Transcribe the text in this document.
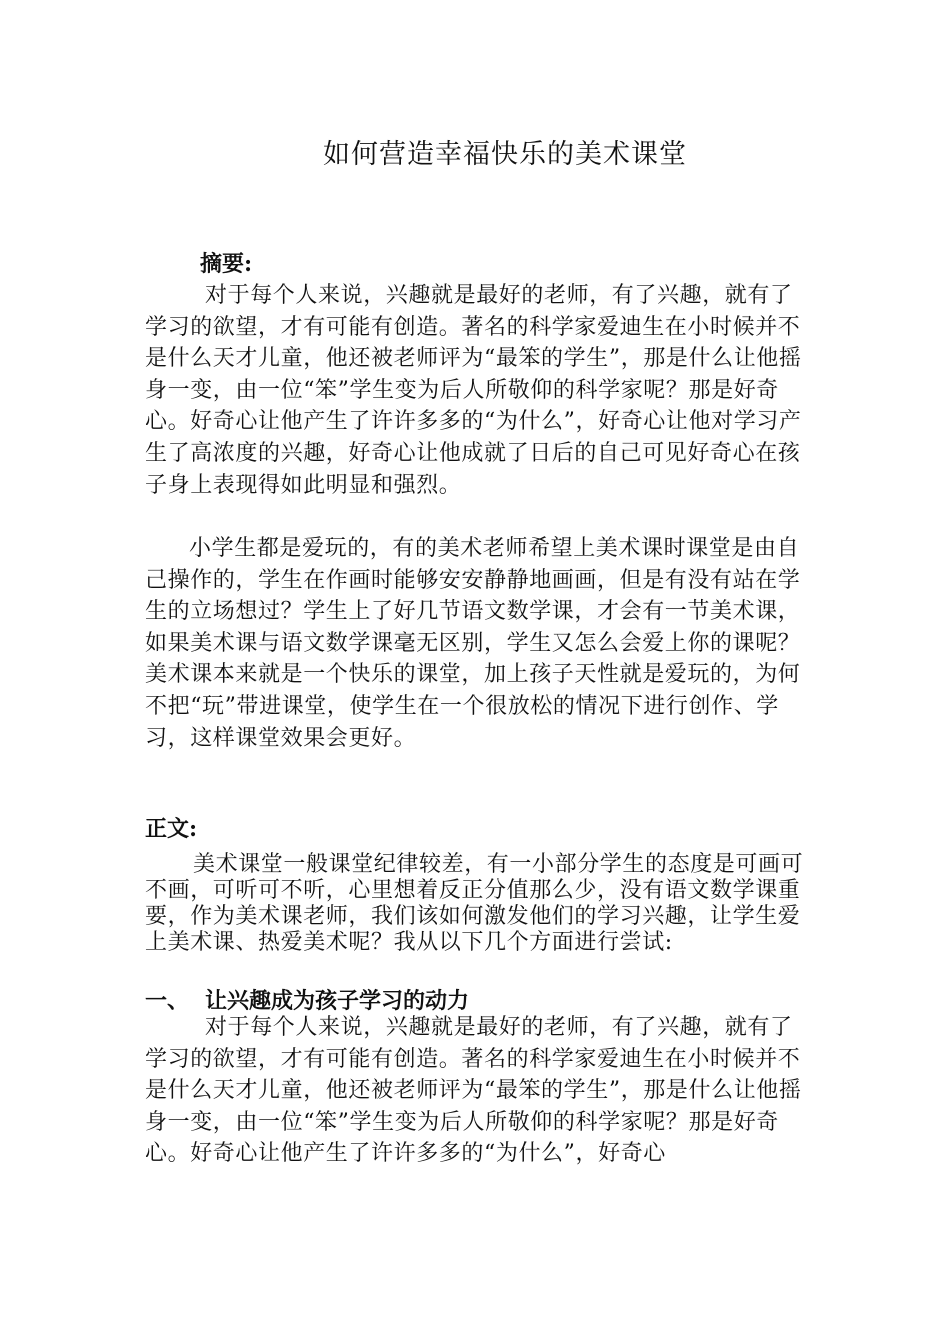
如何营造幸福快乐的美术课堂
摘要:
对于每个人来说，兴趣就是最好的老师，有了兴趣，就有了学习的欲望，才有可能有创造。著名的科学家爱迪生在小时候并不是什么天才儿童，他还被老师评为“最笨的学生”，那是什么让他摇身一变，由一位“笨”学生变为后人所敬仰的科学家呢？那是好奇心。好奇心让他产生了许许多多的“为什么”，好奇心让他对学习产生了高浓度的兴趣，好奇心让他成就了日后的自己可见好奇心在孩子身上表现得如此明显和强烈。
小学生都是爱玩的，有的美术老师希望上美术课时课堂是由自己操作的，学生在作画时能够安安静静地画画，但是有没有站在学生的立场想过？学生上了好几节语文数学课，才会有一节美术课，如果美术课与语文数学课毫无区别，学生又怎么会爱上你的课呢？美术课本来就是一个快乐的课堂，加上孩子天性就是爱玩的，为何不把“玩”带进课堂，使学生在一个很放松的情况下进行创作、学习，这样课堂效果会更好。
正文:
美术课堂一般课堂纪律较差，有一小部分学生的态度是可画可不画，可听可不听，心里想着反正分值那么少，没有语文数学课重要，作为美术课老师，我们该如何激发他们的学习兴趣，让学生爱上美术课、热爱美术呢？我从以下几个方面进行尝试:
一、 让兴趣成为孩子学习的动力
对于每个人来说，兴趣就是最好的老师，有了兴趣，就有了学习的欲望，才有可能有创造。著名的科学家爱迪生在小时候并不是什么天才儿童，他还被老师评为“最笨的学生”，那是什么让他摇身一变，由一位“笨”学生变为后人所敬仰的科学家呢？那是好奇心。好奇心让他产生了许许多多的“为什么”，好奇心
